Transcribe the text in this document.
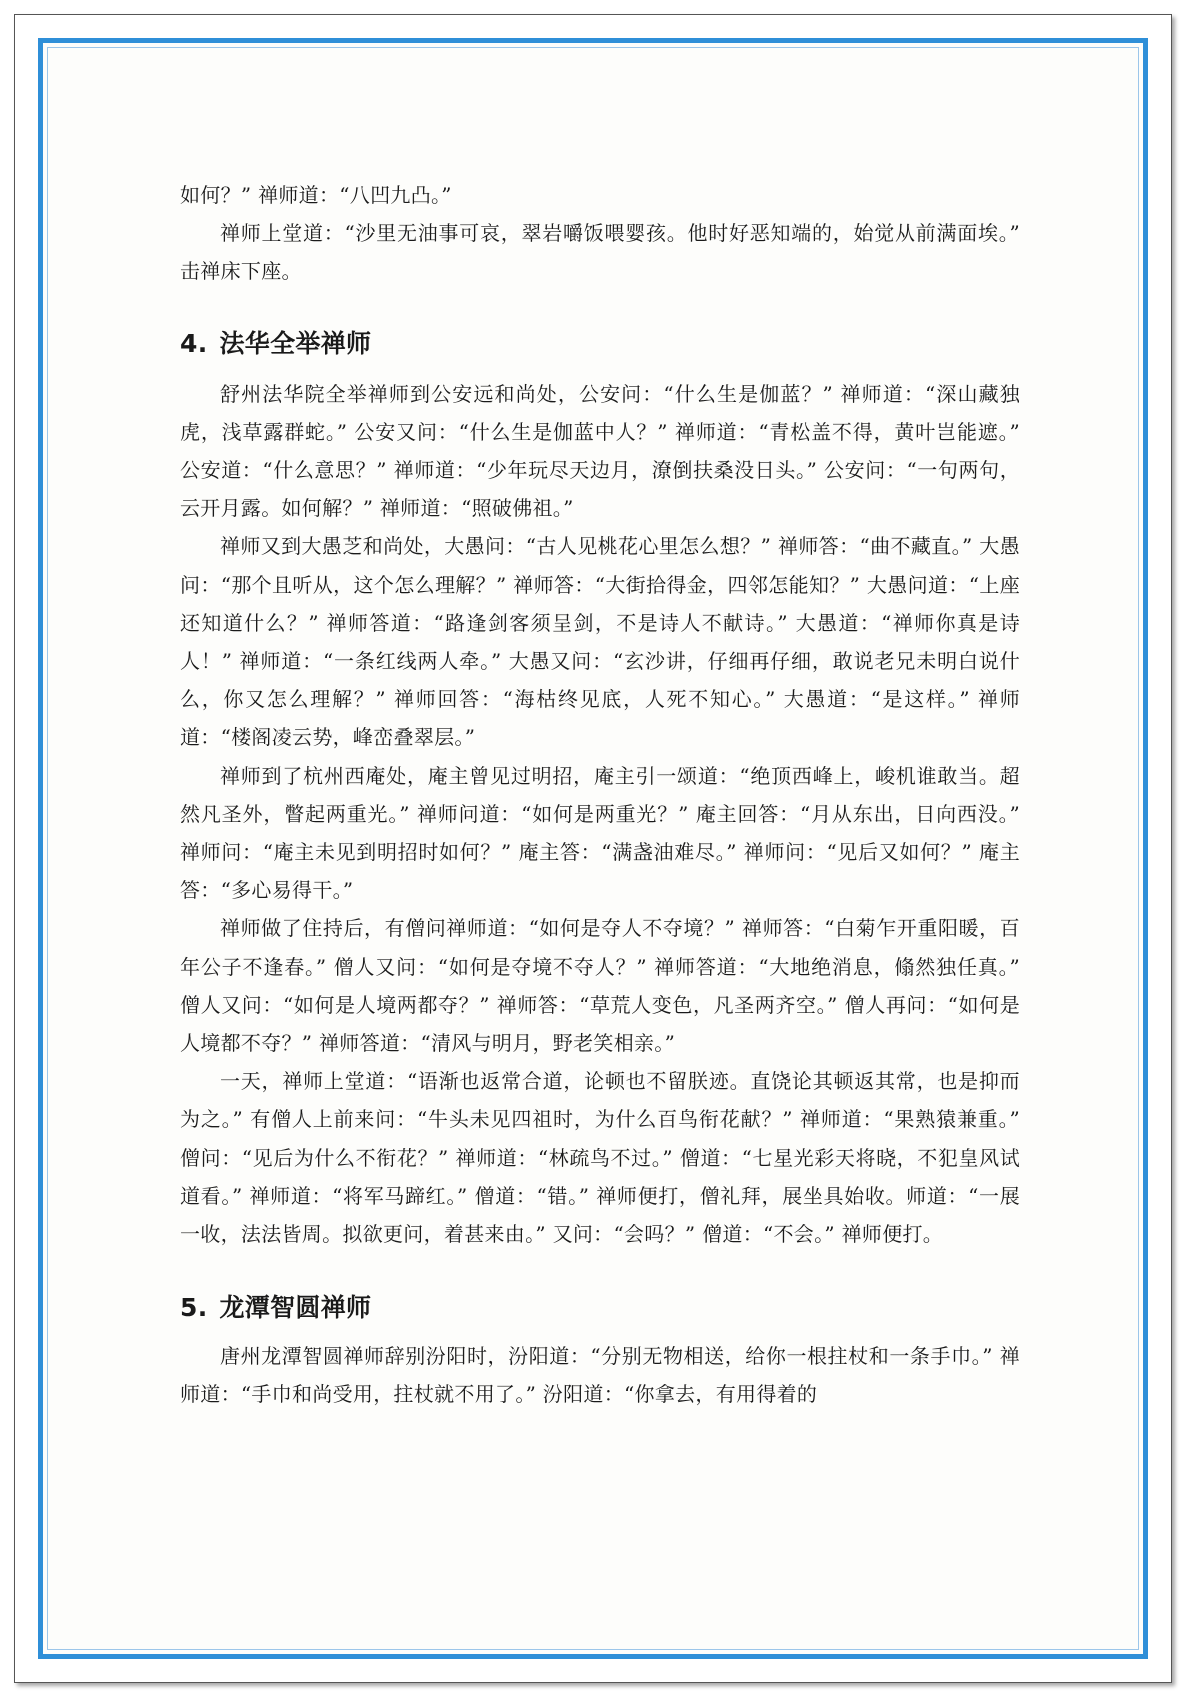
如何？” 禅师道：“八凹九凸。”

禅师上堂道：“沙里无油事可哀，翠岩嚼饭喂婴孩。他时好恶知端的，始觉从前满面埃。” 击禅床下座。

4. 法华全举禅师

舒州法华院全举禅师到公安远和尚处，公安问：“什么生是伽蓝？” 禅师道：“深山藏独虎，浅草露群蛇。” 公安又问：“什么生是伽蓝中人？” 禅师道：“青松盖不得，黄叶岂能遮。” 公安道：“什么意思？” 禅师道：“少年玩尽天边月，潦倒扶桑没日头。” 公安问：“一句两句，云开月露。如何解？” 禅师道：“照破佛祖。”

禅师又到大愚芝和尚处，大愚问：“古人见桃花心里怎么想？” 禅师答：“曲不藏直。” 大愚问：“那个且听从，这个怎么理解？” 禅师答：“大街拾得金，四邻怎能知？” 大愚问道：“上座还知道什么？” 禅师答道：“路逢剑客须呈剑，不是诗人不献诗。” 大愚道：“禅师你真是诗人！” 禅师道：“一条红线两人牵。” 大愚又问：“玄沙讲，仔细再仔细，敢说老兄未明白说什么，你又怎么理解？” 禅师回答：“海枯终见底，人死不知心。” 大愚道：“是这样。” 禅师道：“楼阁凌云势，峰峦叠翠层。”

禅师到了杭州西庵处，庵主曾见过明招，庵主引一颂道：“绝顶西峰上，峻机谁敢当。超然凡圣外，瞥起两重光。” 禅师问道：“如何是两重光？” 庵主回答：“月从东出，日向西没。” 禅师问：“庵主未见到明招时如何？” 庵主答：“满盏油难尽。” 禅师问：“见后又如何？” 庵主答：“多心易得干。”

禅师做了住持后，有僧问禅师道：“如何是夺人不夺境？” 禅师答：“白菊乍开重阳暖，百年公子不逢春。” 僧人又问：“如何是夺境不夺人？” 禅师答道：“大地绝消息，翛然独任真。” 僧人又问：“如何是人境两都夺？” 禅师答：“草荒人变色，凡圣两齐空。” 僧人再问：“如何是人境都不夺？” 禅师答道：“清风与明月，野老笑相亲。”

一天，禅师上堂道：“语渐也返常合道，论顿也不留朕迹。直饶论其顿返其常，也是抑而为之。” 有僧人上前来问：“牛头未见四祖时，为什么百鸟衔花献？” 禅师道：“果熟猿兼重。” 僧问：“见后为什么不衔花？” 禅师道：“林疏鸟不过。” 僧道：“七星光彩天将晓，不犯皇风试道看。” 禅师道：“将军马蹄红。” 僧道：“错。” 禅师便打，僧礼拜，展坐具始收。师道：“一展一收，法法皆周。拟欲更问，着甚来由。” 又问：“会吗？” 僧道：“不会。” 禅师便打。

5. 龙潭智圆禅师

唐州龙潭智圆禅师辞别汾阳时，汾阳道：“分别无物相送，给你一根拄杖和一条手巾。” 禅师道：“手巾和尚受用，拄杖就不用了。” 汾阳道：“你拿去，有用得着的
